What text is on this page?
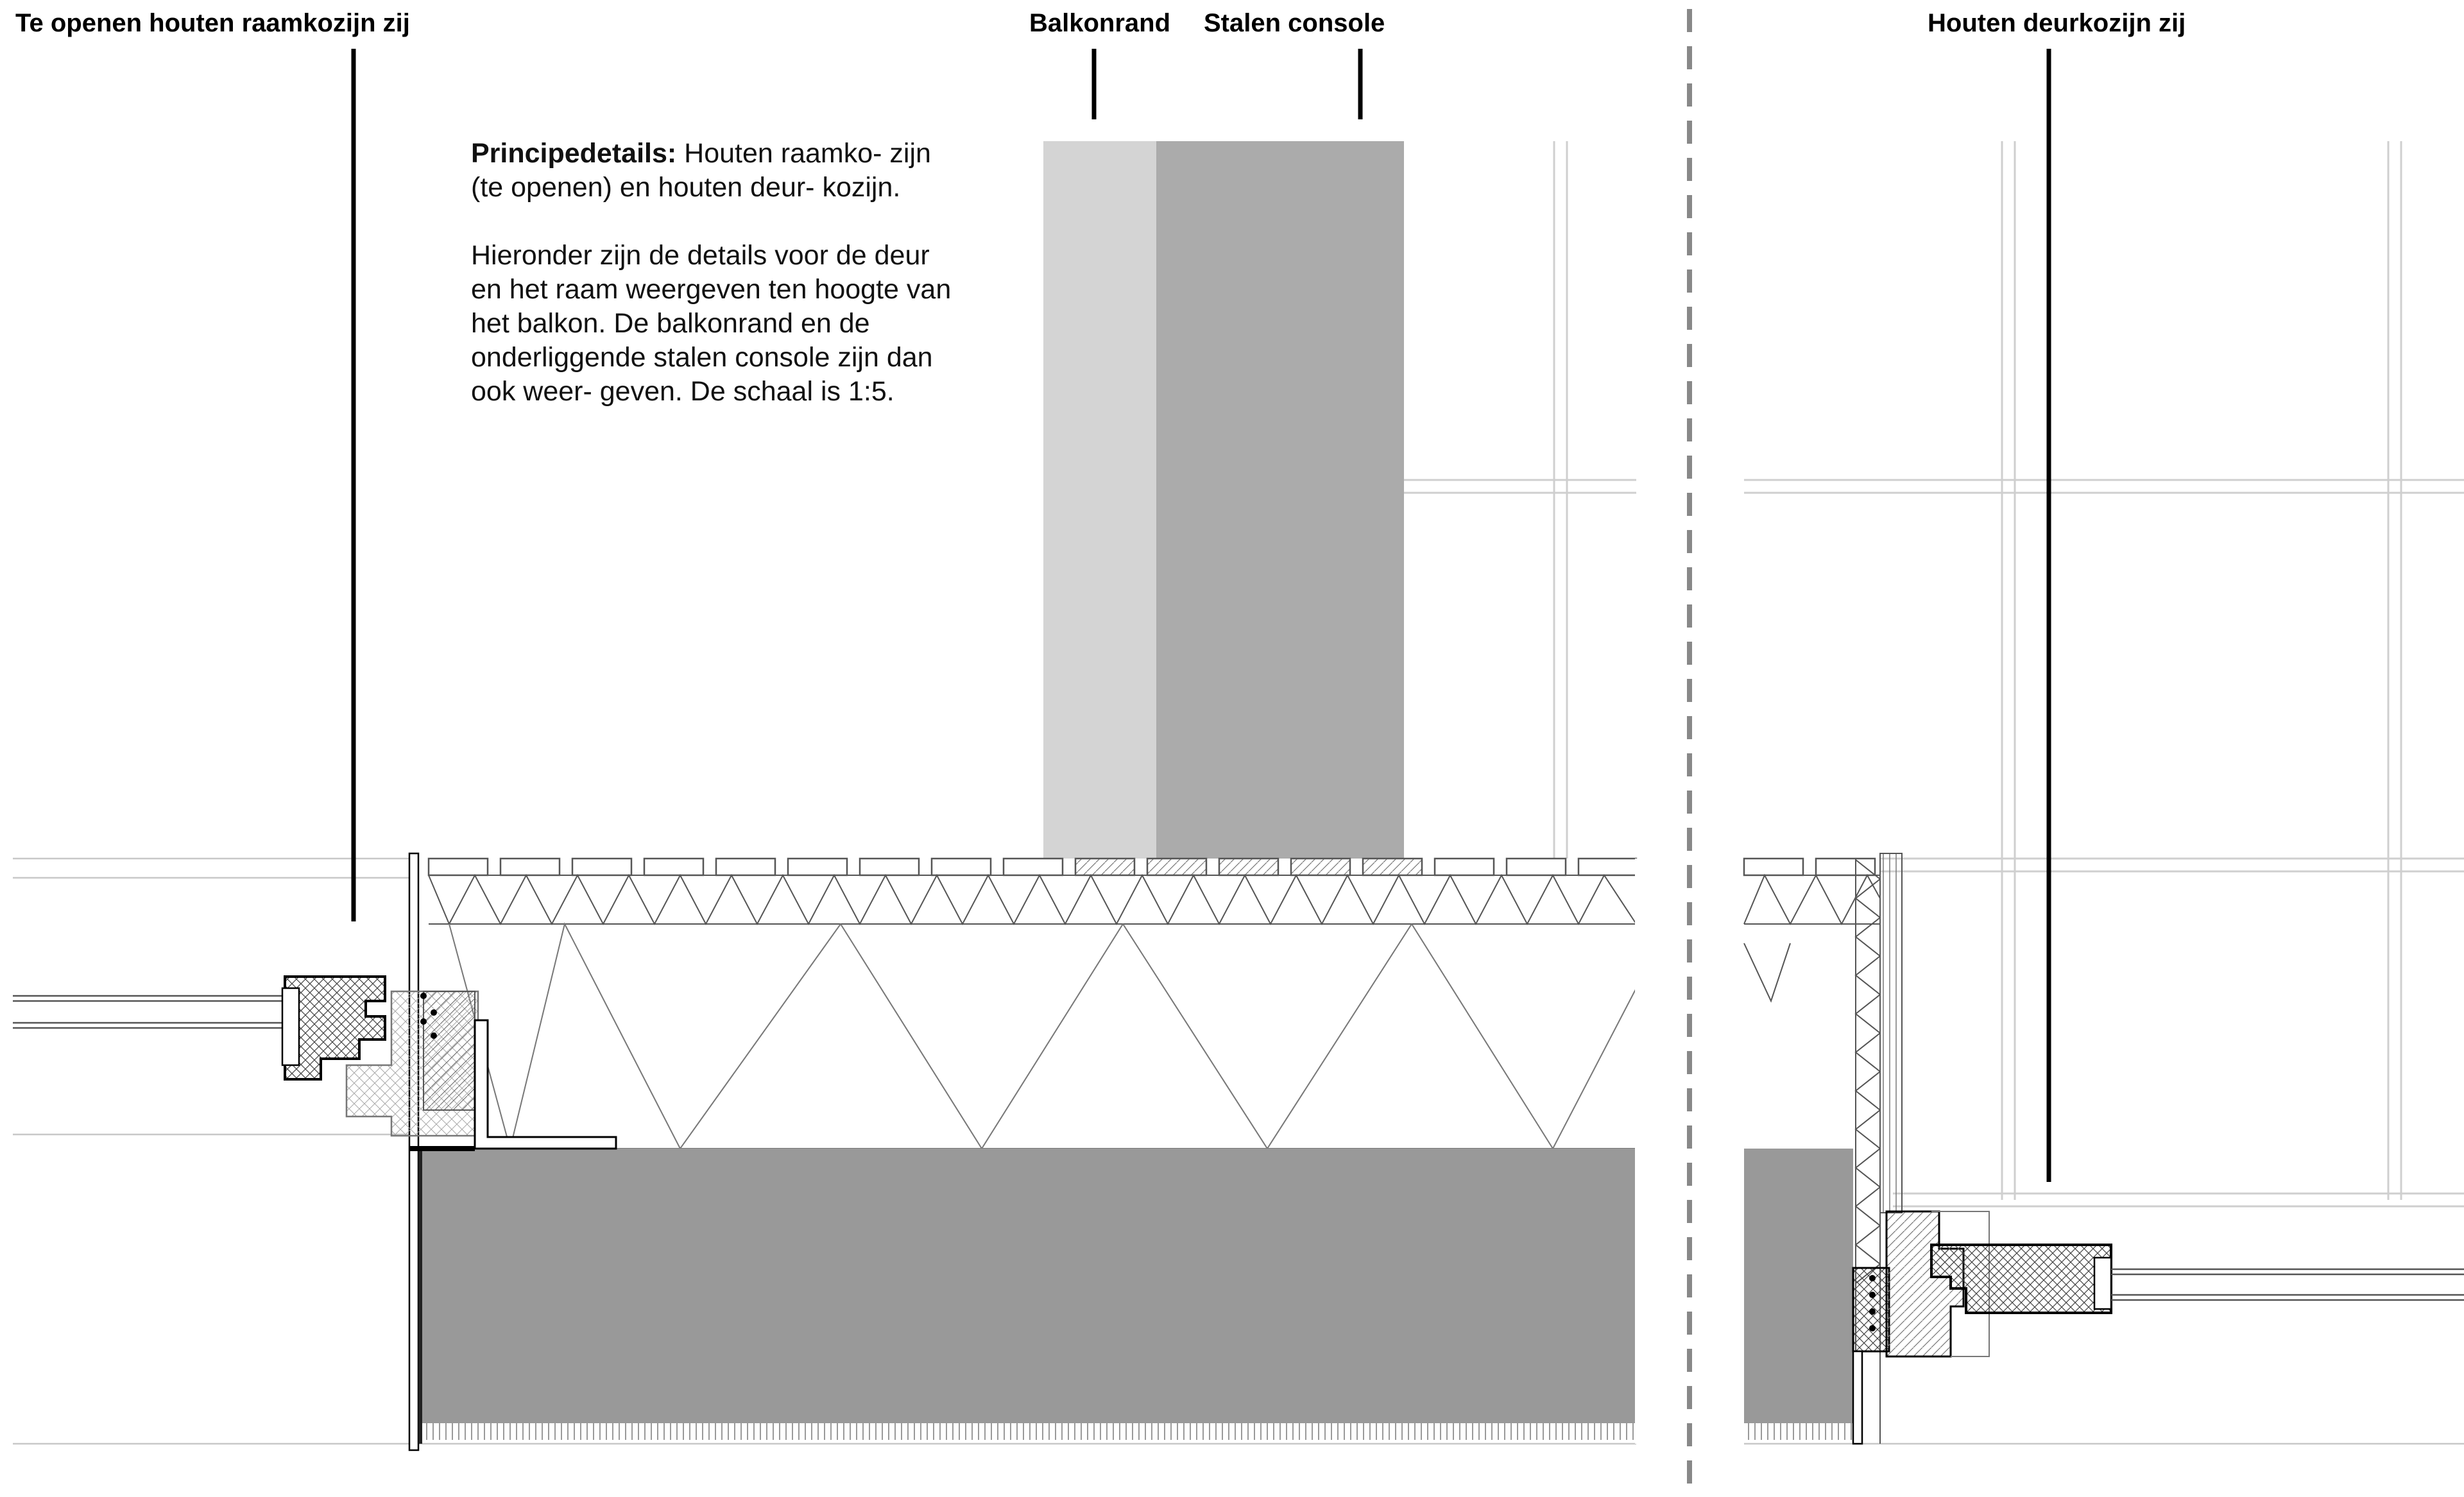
Te openen houten raamkozijn zij	Balkonrand Stalen console	Houten deurkozijn zij

Principedetails: Houten raamko- zijn (te openen) en houten deur- kozijn.

Hieronder zijn de details voor de deur en het raam weergeven ten hoogte van het balkon. De balkonrand en de onderliggende stalen console zijn dan ook weer- geven. De schaal is 1:5.
